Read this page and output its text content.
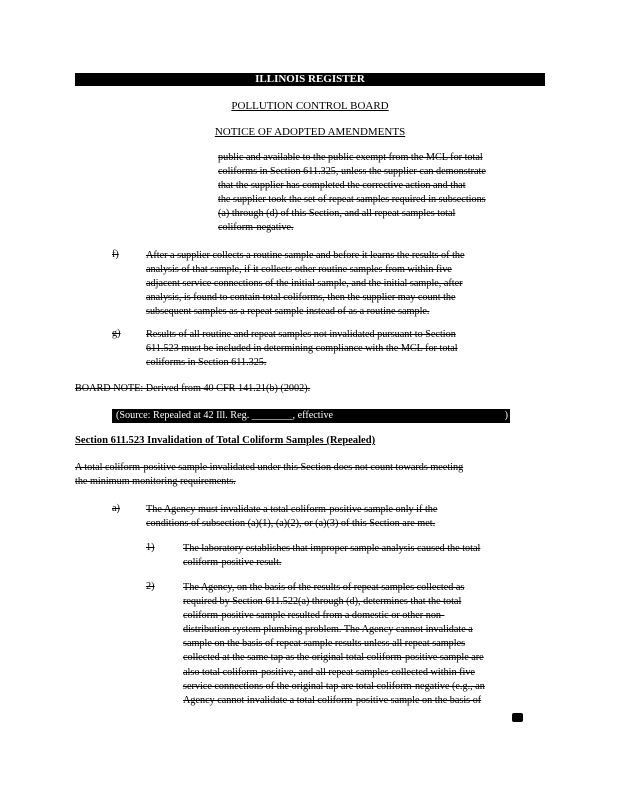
ILLINOIS REGISTER
POLLUTION CONTROL BOARD
NOTICE OF ADOPTED AMENDMENTS
public and available to the public exempt from the MCL for total
coliforms in Section 611.325, unless the supplier can demonstrate
that the supplier has completed the corrective action and that
the supplier took the set of repeat samples required in subsections
(a) through (d) of this Section, and all repeat samples total
coliform-negative.
f)	After a supplier collects a routine sample and before it learns the results of the
analysis of that sample, if it collects other routine samples from within five
adjacent service connections of the initial sample, and the initial sample, after
analysis, is found to contain total coliforms, then the supplier may count the
subsequent samples as a repeat sample instead of as a routine sample.
g)	Results of all routine and repeat samples not invalidated pursuant to Section
611.523 must be included in determining compliance with the MCL for total
coliforms in Section 611.325.
BOARD NOTE: Derived from 40 CFR 141.21(b) (2002).
(Source: Repealed at 42 Ill. Reg. ________, effective	)
Section 611.523 Invalidation of Total Coliform Samples (Repealed)
A total coliform-positive sample invalidated under this Section does not count towards meeting
the minimum monitoring requirements.
a)	The Agency must invalidate a total coliform-positive sample only if the
conditions of subsection (a)(1), (a)(2), or (a)(3) of this Section are met.
1)	The laboratory establishes that improper sample analysis caused the total
coliform-positive result.
2)	The Agency, on the basis of the results of repeat samples collected as
required by Section 611.522(a) through (d), determines that the total
coliform-positive sample resulted from a domestic or other non-
distribution system plumbing problem. The Agency cannot invalidate a
sample on the basis of repeat sample results unless all repeat samples
collected at the same tap as the original total coliform-positive sample are
also total coliform-positive, and all repeat samples collected within five
service connections of the original tap are total coliform-negative (e.g., an
Agency cannot invalidate a total coliform-positive sample on the basis of
